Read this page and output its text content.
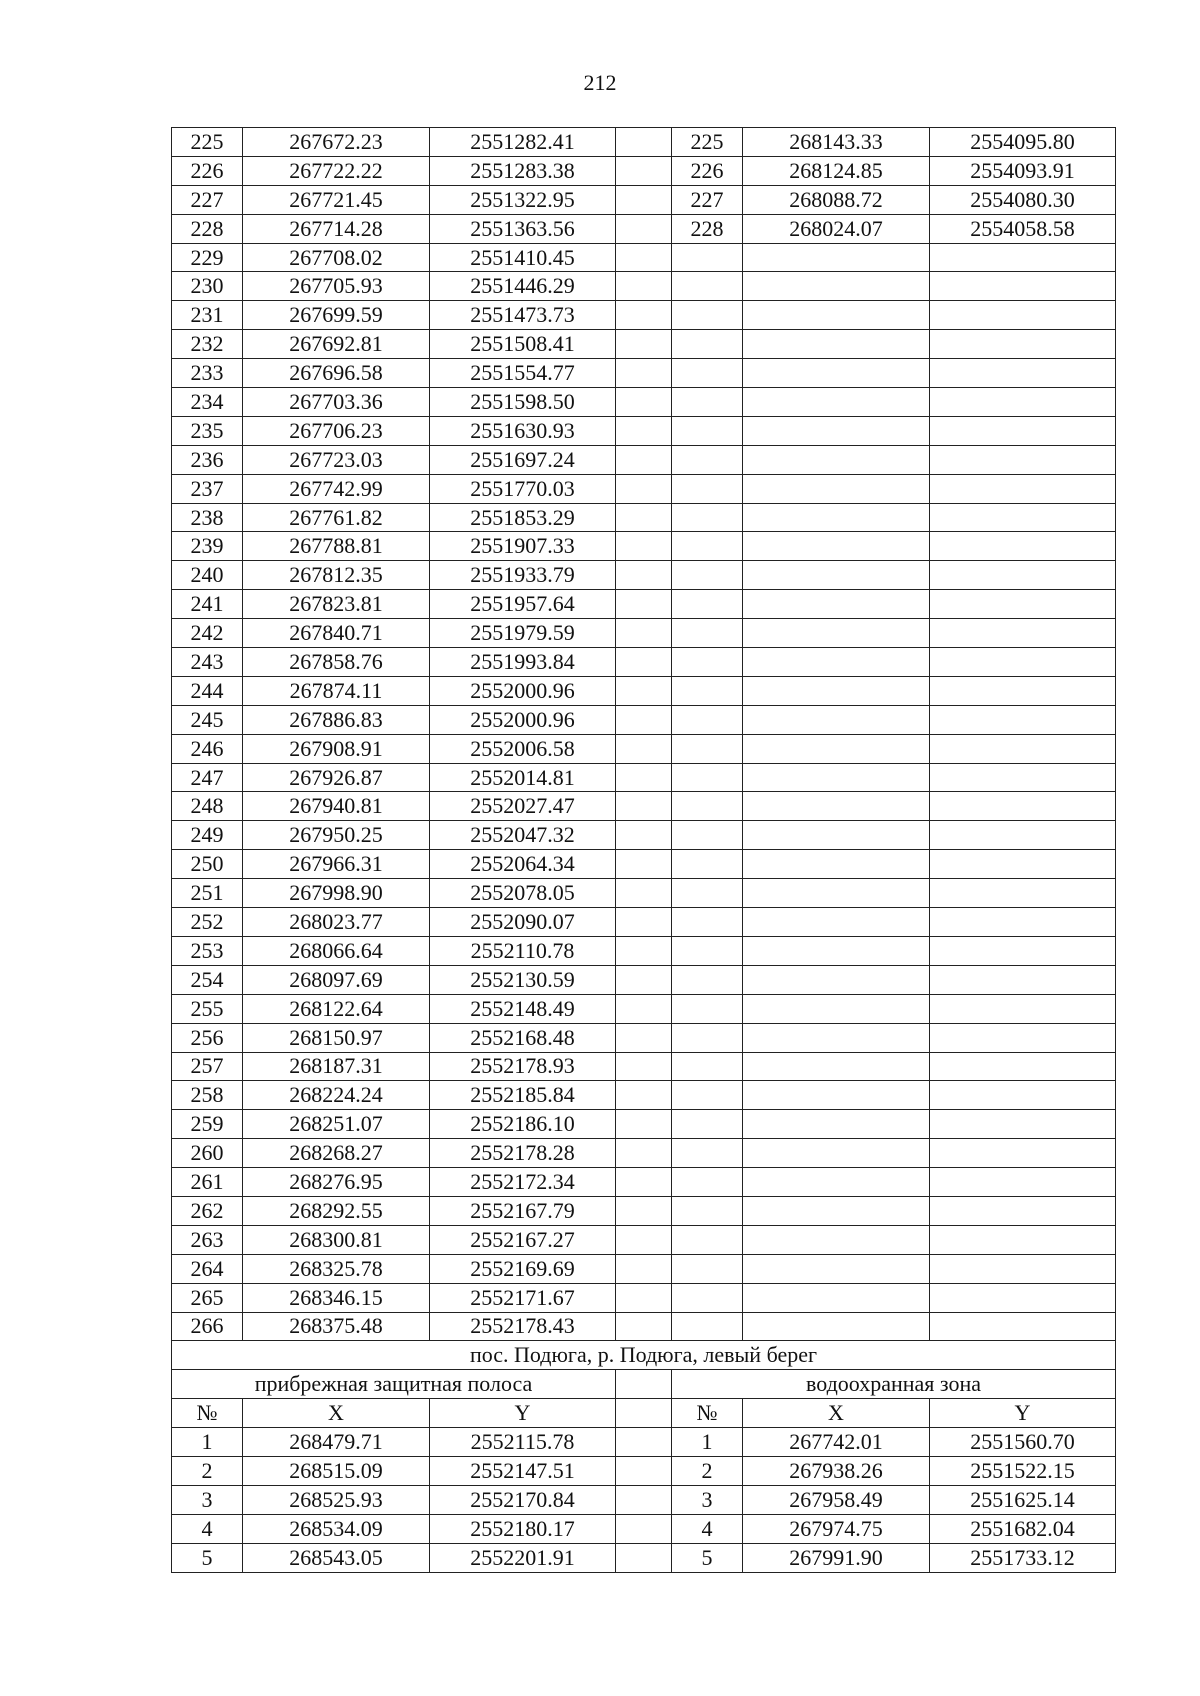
212
225	267672.23	2551282.41		225	268143.33	2554095.80
226	267722.22	2551283.38		226	268124.85	2554093.91
227	267721.45	2551322.95		227	268088.72	2554080.30
228	267714.28	2551363.56		228	268024.07	2554058.58
229	267708.02	2551410.45				
230	267705.93	2551446.29				
231	267699.59	2551473.73				
232	267692.81	2551508.41				
233	267696.58	2551554.77				
234	267703.36	2551598.50				
235	267706.23	2551630.93				
236	267723.03	2551697.24				
237	267742.99	2551770.03				
238	267761.82	2551853.29				
239	267788.81	2551907.33				
240	267812.35	2551933.79				
241	267823.81	2551957.64				
242	267840.71	2551979.59				
243	267858.76	2551993.84				
244	267874.11	2552000.96				
245	267886.83	2552000.96				
246	267908.91	2552006.58				
247	267926.87	2552014.81				
248	267940.81	2552027.47				
249	267950.25	2552047.32				
250	267966.31	2552064.34				
251	267998.90	2552078.05				
252	268023.77	2552090.07				
253	268066.64	2552110.78				
254	268097.69	2552130.59				
255	268122.64	2552148.49				
256	268150.97	2552168.48				
257	268187.31	2552178.93				
258	268224.24	2552185.84				
259	268251.07	2552186.10				
260	268268.27	2552178.28				
261	268276.95	2552172.34				
262	268292.55	2552167.79				
263	268300.81	2552167.27				
264	268325.78	2552169.69				
265	268346.15	2552171.67				
266	268375.48	2552178.43				
пос. Подюга, р. Подюга, левый берег						
прибрежная защитная полоса				водоохранная зона		
№	X	Y		№	X	Y
1	268479.71	2552115.78		1	267742.01	2551560.70
2	268515.09	2552147.51		2	267938.26	2551522.15
3	268525.93	2552170.84		3	267958.49	2551625.14
4	268534.09	2552180.17		4	267974.75	2551682.04
5	268543.05	2552201.91		5	267991.90	2551733.12
